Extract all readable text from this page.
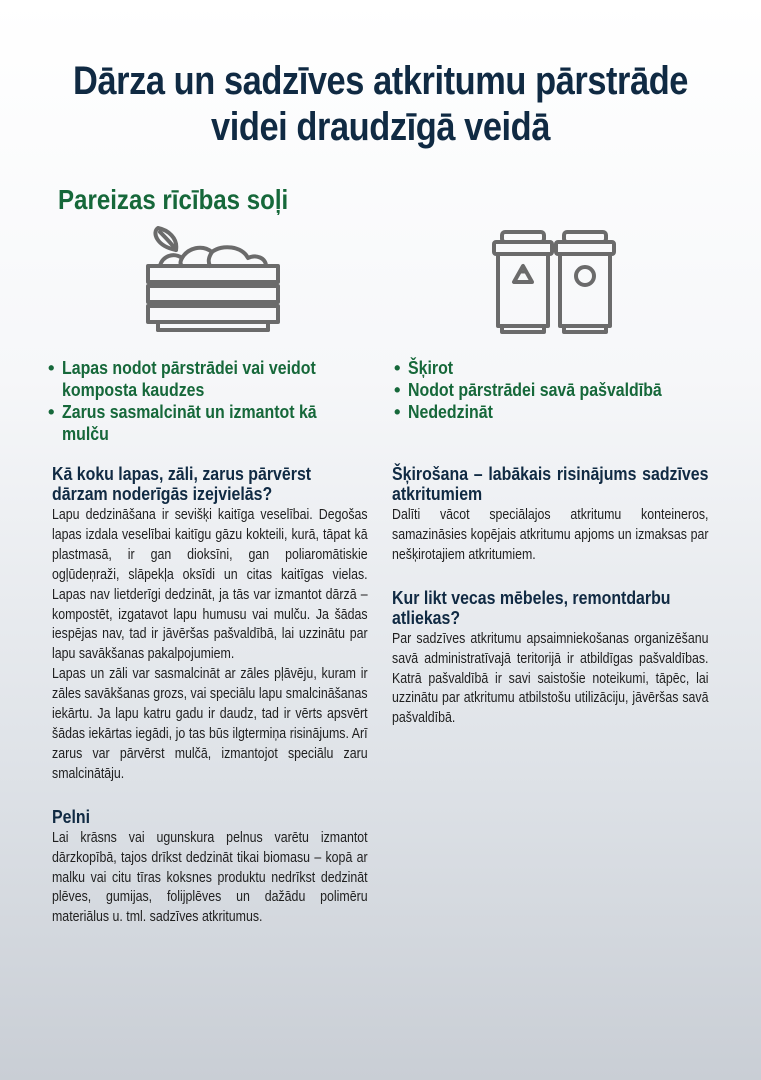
Dārza un sadzīves atkritumu pārstrāde
videi draudzīgā veidā
Pareizas rīcības soļi
• Lapas nodot pārstrādei vai veidot komposta kaudzes
• Zarus sasmalcināt un izmantot kā mulču
• Šķirot
• Nodot pārstrādei savā pašvaldībā
• Nededzināt
Kā koku lapas, zāli, zarus pārvērst dārzam noderīgās izejvielās?

Lapu dedzināšana ir sevišķi kaitīga veselībai. Degošas lapas izdala veselībai kaitīgu gāzu kokteili, kurā, tāpat kā plastmasā, ir gan dioksīni, gan poliaromātiskie ogļūdeņraži, slāpekļa oksīdi un citas kaitīgas vielas. Lapas nav lietderīgi dedzināt, ja tās var izmantot dārzā – kompostēt, izgatavot lapu humusu vai mulču. Ja šādas iespējas nav, tad ir jāvēršas pašvaldībā, lai uzzinātu par lapu savākšanas pakalpojumiem.

Lapas un zāli var sasmalcināt ar zāles pļāvēju, kuram ir zāles savākšanas grozs, vai speciālu lapu smalcināšanas iekārtu. Ja lapu katru gadu ir daudz, tad ir vērts apsvērt šādas iekārtas iegādi, jo tas būs ilgtermiņa risinājums. Arī zarus var pārvērst mulčā, izmantojot speciālu zaru smalcinātāju.

Pelni

Lai krāsns vai ugunskura pelnus varētu izmantot dārzkopībā, tajos drīkst dedzināt tikai biomasu – kopā ar malku vai citu tīras koksnes produktu nedrīkst dedzināt plēves, gumijas, folijplēves un dažādu polimēru materiālus u. tml. sadzīves atkritumus.

Šķirošana – labākais risinājums sadzīves atkritumiem

Dalīti vācot speciālajos atkritumu konteineros, samazināsies kopējais atkritumu apjoms un izmaksas par nešķirotajiem atkritumiem.

Kur likt vecas mēbeles, remontdarbu atliekas?

Par sadzīves atkritumu apsaimniekošanas organizēšanu savā administratīvajā teritorijā ir atbildīgas pašvaldības. Katrā pašvaldībā ir savi saistošie noteikumi, tāpēc, lai uzzinātu par atkritumu atbilstošu utilizāciju, jāvēršas savā pašvaldībā.
